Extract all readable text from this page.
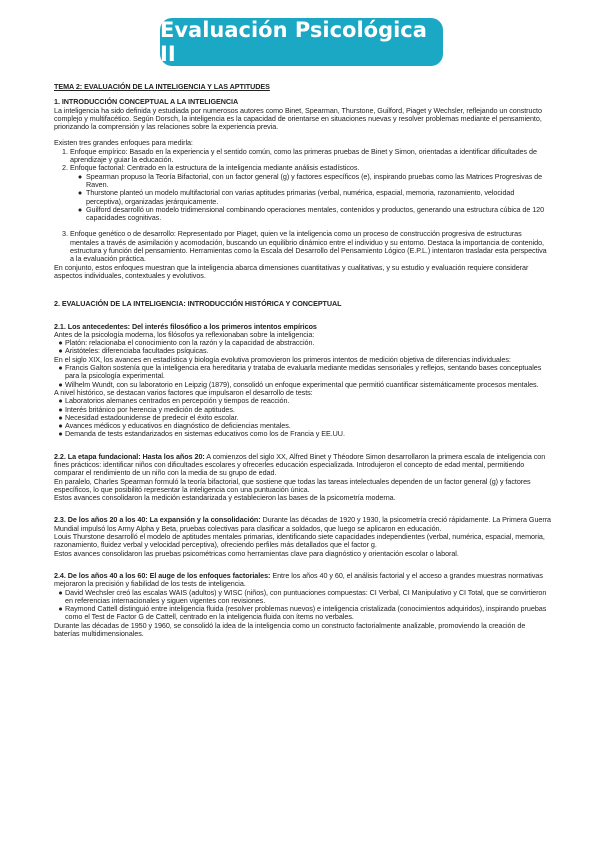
Evaluación Psicológica II
TEMA 2: EVALUACIÓN DE LA INTELIGENCIA Y LAS APTITUDES
1. INTRODUCCIÓN CONCEPTUAL A LA INTELIGENCIA

La inteligencia ha sido definida y estudiada por numerosos autores como Binet, Spearman, Thurstone, Guilford, Piaget y Wechsler, reflejando un constructo complejo y multifacético. Según Dorsch, la inteligencia es la capacidad de orientarse en situaciones nuevas y resolver problemas mediante el pensamiento, priorizando la comprensión y las relaciones sobre la experiencia previa.

Existen tres grandes enfoques para medirla:

1. Enfoque empírico: Basado en la experiencia y el sentido común, como las primeras pruebas de Binet y Simon, orientadas a identificar dificultades de aprendizaje y guiar la educación.
2. Enfoque factorial: Centrado en la estructura de la inteligencia mediante análisis estadísticos.
● Spearman propuso la Teoría Bifactorial, con un factor general (g) y factores específicos (e), inspirando pruebas como las Matrices Progresivas de Raven.
● Thurstone planteó un modelo multifactorial con varias aptitudes primarias (verbal, numérica, espacial, memoria, razonamiento, velocidad perceptiva), organizadas jerárquicamente.
● Guilford desarrolló un modelo tridimensional combinando operaciones mentales, contenidos y productos, generando una estructura cúbica de 120 capacidades cognitivas.
3. Enfoque genético o de desarrollo: Representado por Piaget, quien ve la inteligencia como un proceso de construcción progresiva de estructuras mentales a través de asimilación y acomodación, buscando un equilibrio dinámico entre el individuo y su entorno. Destaca la importancia de contenido, estructura y función del pensamiento. Herramientas como la Escala del Desarrollo del Pensamiento Lógico (E.P.L.) intentaron trasladar esta perspectiva a la evaluación práctica.

En conjunto, estos enfoques muestran que la inteligencia abarca dimensiones cuantitativas y cualitativas, y su estudio y evaluación requiere considerar aspectos individuales, contextuales y evolutivos.

2. EVALUACIÓN DE LA INTELIGENCIA: INTRODUCCIÓN HISTÓRICA Y CONCEPTUAL
2.1. Los antecedentes: Del interés filosófico a los primeros intentos empíricos

Antes de la psicología moderna, los filósofos ya reflexionaban sobre la inteligencia:

● Platón: relacionaba el conocimiento con la razón y la capacidad de abstracción.
● Aristóteles: diferenciaba facultades psíquicas.

En el siglo XIX, los avances en estadística y biología evolutiva promovieron los primeros intentos de medición objetiva de diferencias individuales:

● Francis Galton sostenía que la inteligencia era hereditaria y trataba de evaluarla mediante medidas sensoriales y reflejos, sentando bases conceptuales para la psicología experimental.
● Wilhelm Wundt, con su laboratorio en Leipzig (1879), consolidó un enfoque experimental que permitió cuantificar sistemáticamente procesos mentales.

A nivel histórico, se destacan varios factores que impulsaron el desarrollo de tests:

● Laboratorios alemanes centrados en percepción y tiempos de reacción.
● Interés británico por herencia y medición de aptitudes.
● Necesidad estadounidense de predecir el éxito escolar.
● Avances médicos y educativos en diagnóstico de deficiencias mentales.
● Demanda de tests estandarizados en sistemas educativos como los de Francia y EE.UU.

2.2. La etapa fundacional: Hasta los años 20: A comienzos del siglo XX, Alfred Binet y Théodore Simon desarrollaron la primera escala de inteligencia con fines prácticos: identificar niños con dificultades escolares y ofrecerles educación especializada. Introdujeron el concepto de edad mental, permitiendo comparar el rendimiento de un niño con la media de su grupo de edad.

En paralelo, Charles Spearman formuló la teoría bifactorial, que sostiene que todas las tareas intelectuales dependen de un factor general (g) y factores específicos, lo que posibilitó representar la inteligencia con una puntuación única.

Estos avances consolidaron la medición estandarizada y establecieron las bases de la psicometría moderna.

2.3. De los años 20 a los 40: La expansión y la consolidación: Durante las décadas de 1920 y 1930, la psicometría creció rápidamente. La Primera Guerra Mundial impulsó los Army Alpha y Beta, pruebas colectivas para clasificar a soldados, que luego se aplicaron en educación.

Louis Thurstone desarrolló el modelo de aptitudes mentales primarias, identificando siete capacidades independientes (verbal, numérica, espacial, memoria, razonamiento, fluidez verbal y velocidad perceptiva), ofreciendo perfiles más detallados que el factor g.

Estos avances consolidaron las pruebas psicométricas como herramientas clave para diagnóstico y orientación escolar o laboral.

2.4. De los años 40 a los 60: El auge de los enfoques factoriales: Entre los años 40 y 60, el análisis factorial y el acceso a grandes muestras normativas mejoraron la precisión y fiabilidad de los tests de inteligencia.

● David Wechsler creó las escalas WAIS (adultos) y WISC (niños), con puntuaciones compuestas: CI Verbal, CI Manipulativo y CI Total, que se convirtieron en referencias internacionales y siguen vigentes con revisiones.
● Raymond Cattell distinguió entre inteligencia fluida (resolver problemas nuevos) e inteligencia cristalizada (conocimientos adquiridos), inspirando pruebas como el Test de Factor G de Cattell, centrado en la inteligencia fluida con ítems no verbales.

Durante las décadas de 1950 y 1960, se consolidó la idea de la inteligencia como un constructo factorialmente analizable, promoviendo la creación de baterías multidimensionales.
